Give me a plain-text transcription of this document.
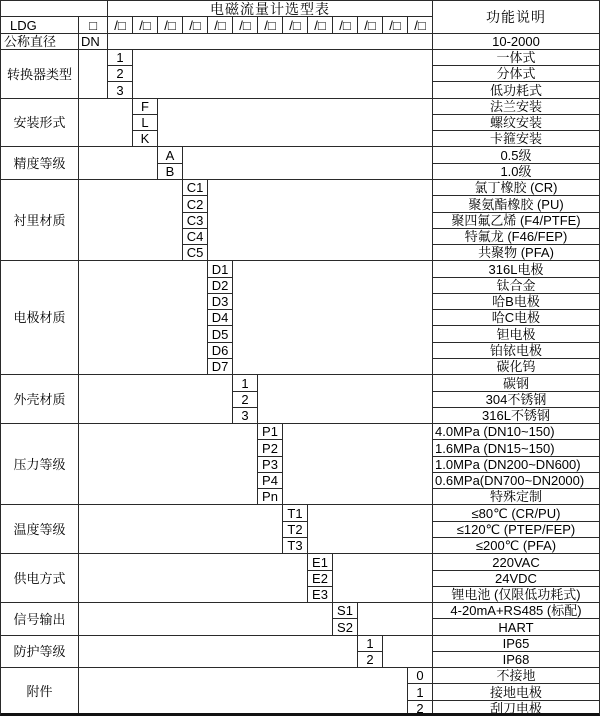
电磁流量计选型表
功能说明
LDG	□	/□	/□	/□	/□	/□	/□	/□	/□	/□	/□	/□	/□	/□
公称直径	DN	10-2000
转换器类型
1	一体式
2	分体式
3	低功耗式
安装形式
F	法兰安装
L	螺纹安装
K	卡箍安装
精度等级
A	0.5级
B	1.0级
衬里材质
C1	氯丁橡胶 (CR)
C2	聚氨酯橡胶 (PU)
C3	聚四氟乙烯 (F4/PTFE)
C4	特氟龙 (F46/FEP)
C5	共聚物 (PFA)
电极材质
D1	316L电极
D2	钛合金
D3	哈B电极
D4	哈C电极
D5	钽电极
D6	铂铱电极
D7	碳化钨
外壳材质
1	碳钢
2	304不锈钢
3	316L不锈钢
压力等级
P1	4.0MPa (DN10~150)
P2	1.6MPa (DN15~150)
P3	1.0MPa (DN200~DN600)
P4	0.6MPa(DN700~DN2000)
Pn	特殊定制
温度等级
T1	≤80℃ (CR/PU)
T2	≤120℃ (PTEP/FEP)
T3	≤200℃ (PFA)
供电方式
E1	220VAC
E2	24VDC
E3	锂电池 (仅限低功耗式)
信号输出
S1	4-20mA+RS485 (标配)
S2	HART
防护等级
1	IP65
2	IP68
附件
0	不接地
1	接地电极
2	刮刀电极
